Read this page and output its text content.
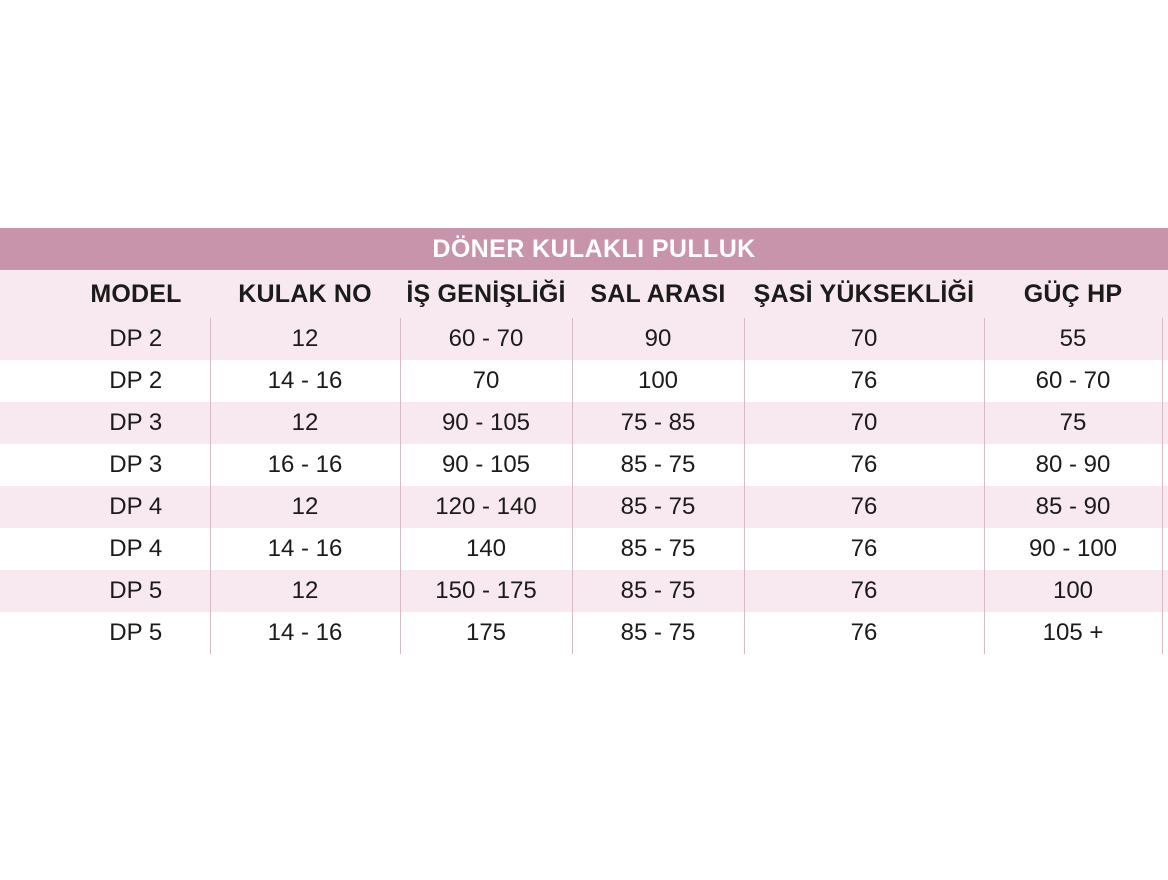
DÖNER KULAKLI PULLUK							
	MODEL	KULAK NO	İŞ GENİŞLİĞİ	SAL ARASI	ŞASİ YÜKSEKLİĞİ	GÜÇ HP	
	DP 2	12	60 - 70	90	70	55	
	DP 2	14 - 16	70	100	76	60 - 70	
	DP 3	12	90 - 105	75 - 85	70	75	
	DP 3	16 - 16	90 - 105	85 - 75	76	80 - 90	
	DP 4	12	120 - 140	85 - 75	76	85 - 90	
	DP 4	14 - 16	140	85 - 75	76	90 - 100	
	DP 5	12	150 - 175	85 - 75	76	100	
	DP 5	14 - 16	175	85 - 75	76	105 +	
